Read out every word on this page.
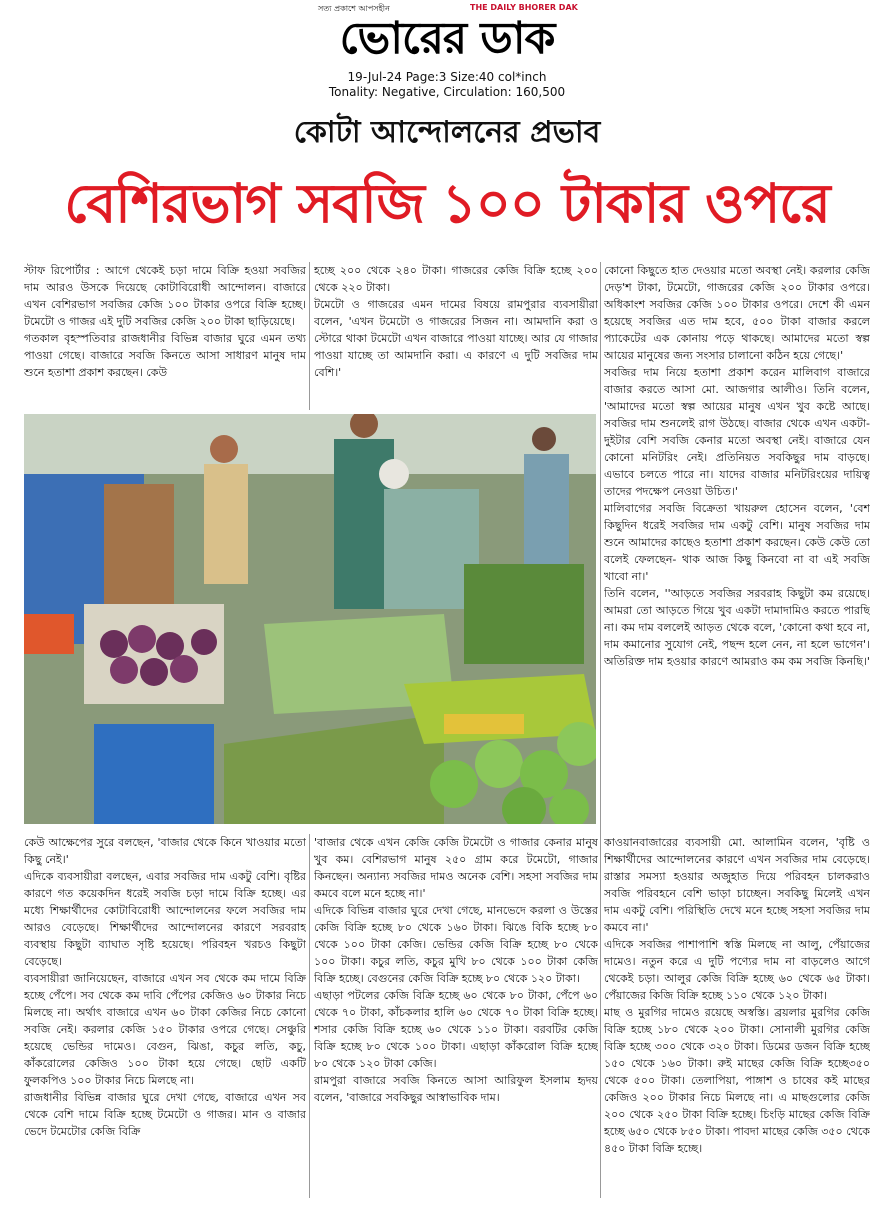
সত্য প্রকাশে আপসহীন	THE DAILY BHORER DAK
ভোরের ডাক
19-Jul-24 Page:3 Size:40 col*inch
Tonality: Negative, Circulation: 160,500
কোটা আন্দোলনের প্রভাব
বেশিরভাগ সবজি ১০০ টাকার ওপরে

স্টাফ রিপোর্টার : আগে থেকেই চড়া দামে বিক্রি হওয়া সবজির দাম আরও উসকে দিয়েছে কোটাবিরোধী আন্দোলন। বাজারে এখন বেশিরভাগ সবজির কেজি ১০০ টাকার ওপরে বিক্রি হচ্ছে। টমেটো ও গাজর এই দুটি সবজির কেজি ২০০ টাকা ছাড়িয়েছে।

গতকাল বৃহস্পতিবার রাজধানীর বিভিন্ন বাজার ঘুরে এমন তথ্য পাওয়া গেছে। বাজারে সবজি কিনতে আসা সাধারণ মানুষ দাম শুনে হতাশা প্রকাশ করছেন। কেউ

হচ্ছে ২০০ থেকে ২৪০ টাকা। গাজরের কেজি বিক্রি হচ্ছে ২০০ থেকে ২২০ টাকা।

টমেটো ও গাজরের এমন দামের বিষয়ে রামপুরার ব্যবসায়ীরা বলেন, 'এখন টমেটো ও গাজরের সিজন না। আমদানি করা ও স্টোরে থাকা টমেটো এখন বাজারে পাওয়া যাচ্ছে। আর যে গাজার পাওয়া যাচ্ছে তা আমদানি করা। এ কারণে এ দুটি সবজির দাম বেশি।'

কোনো কিছুতে হাত দেওয়ার মতো অবস্থা নেই। করলার কেজি দেড়'শ টাকা, টমেটো, গাজরের কেজি ২০০ টাকার ওপরে। অধিকাংশ সবজির কেজি ১০০ টাকার ওপরে। দেশে কী এমন হয়েছে সবজির এত দাম হবে, ৫০০ টাকা বাজার করলে প্যাকেটের এক কোনায় পড়ে থাকছে। আমাদের মতো স্বল্প আয়ের মানুষের জন্য সংসার চালানো কঠিন হয়ে গেছে।'

সবজির দাম নিয়ে হতাশা প্রকাশ করেন মালিবাগ বাজারে বাজার করতে আসা মো. আজগার আলীও। তিনি বলেন, 'আমাদের মতো স্বল্প আয়ের মানুষ এখন খুব কষ্টে আছে। সবজির দাম শুনলেই রাগ উঠছে। বাজার থেকে এখন একটা-দুইটার বেশি সবজি কেনার মতো অবস্থা নেই। বাজারে যেন কোনো মনিটরিং নেই। প্রতিনিয়ত সবকিছুর দাম বাড়ছে। এভাবে চলতে পারে না। যাদের বাজার মনিটরিংয়ের দায়িত্ব তাদের পদক্ষেপ নেওয়া উচিত।'

মালিবাগের সবজি বিক্রেতা খায়রুল হোসেন বলেন, 'বেশ কিছুদিন ধরেই সবজির দাম একটু বেশি। মানুষ সবজির দাম শুনে আমাদের কাছেও হতাশা প্রকাশ করছেন। কেউ কেউ তো বলেই ফেলছেন- থাক আজ কিছু কিনবো না বা এই সবজি খাবো না।'

তিনি বলেন, ''আড়তে সবজির সরবরাহ কিছুটা কম রয়েছে। আমরা তো আড়তে গিয়ে খুব একটা দামাদামিও করতে পারছি না। কম দাম বললেই আড়ত থেকে বলে, 'কোনো কথা হবে না, দাম কমানোর সুযোগ নেই, পছন্দ হলে নেন, না হলে ভাগেন'। অতিরিক্ত দাম হওয়ার কারণে আমরাও কম কম সবজি কিনছি।'

কেউ আক্ষেপের সুরে বলছেন, 'বাজার থেকে কিনে খাওয়ার মতো কিছু নেই।'

এদিকে ব্যবসায়ীরা বলছেন, এবার সবজির দাম একটু বেশি। বৃষ্টির কারণে গত কয়েকদিন ধরেই সবজি চড়া দামে বিক্রি হচ্ছে। এর মধ্যে শিক্ষার্থীদের কোটাবিরোধী আন্দোলনের ফলে সবজির দাম আরও বেড়েছে। শিক্ষার্থীদের আন্দোলনের কারণে সরবরাহ ব্যবস্থায় কিছুটা ব্যাঘাত সৃষ্টি হয়েছে। পরিবহন খরচও কিছুটা বেড়েছে।

ব্যবসায়ীরা জানিয়েছেন, বাজারে এখন সব থেকে কম দামে বিক্রি হচ্ছে পেঁপে। সব থেকে কম দাবি পেঁপের কেজিও ৬০ টাকার নিচে মিলছে না। অর্থাৎ বাজারে এখন ৬০ টাকা কেজির নিচে কোনো সবজি নেই। করলার কেজি ১৫০ টাকার ওপরে গেছে। সেঞ্চুরি হয়েছে ভেন্ডির দামেও। বেগুন, ঝিঙা, কচুর লতি, কচু, কাঁকরোলের কেজিও ১০০ টাকা হয়ে গেছে। ছোট একটি ফুলকপিও ১০০ টাকার নিচে মিলছে না।

রাজধানীর বিভিন্ন বাজার ঘুরে দেখা গেছে, বাজারে এখন সব থেকে বেশি দামে বিক্রি হচ্ছে টমেটো ও গাজর। মান ও বাজার ভেদে টমেটোর কেজি বিক্রি

'বাজার থেকে এখন কেজি কেজি টমেটো ও গাজার কেনার মানুষ খুব কম। বেশিরভাগ মানুষ ২৫০ গ্রাম করে টমেটো, গাজার কিনছেন। অন্যান্য সবজির দামও অনেক বেশি। সহসা সবজির দাম কমবে বলে মনে হচ্ছে না।'

এদিকে বিভিন্ন বাজার ঘুরে দেখা গেছে, মানভেদে করলা ও উস্তের কেজি বিক্রি হচ্ছে ৮০ থেকে ১৬০ টাকা। ঝিঙে বিকি হচ্ছে ৮০ থেকে ১০০ টাকা কেজি। ভেন্ডির কেজি বিক্রি হচ্ছে ৮০ থেকে ১০০ টাকা। কচুর লতি, কচুর মুখি ৮০ থেকে ১০০ টাকা কেজি বিক্রি হচ্ছে। বেগুনের কেজি বিক্রি হচ্ছে ৮০ থেকে ১২০ টাকা।

এছাড়া পটলের কেজি বিক্রি হচ্ছে ৬০ থেকে ৮০ টাকা, পেঁপে ৬০ থেকে ৭০ টাকা, কাঁচকলার হালি ৬০ থেকে ৭০ টাকা বিক্রি হচ্ছে। শসার কেজি বিক্রি হচ্ছে ৬০ থেকে ১১০ টাকা। বরবটির কেজি বিক্রি হচ্ছে ৮০ থেকে ১০০ টাকা। এছাড়া কাঁকরোল বিক্রি হচ্ছে ৮০ থেকে ১২০ টাকা কেজি।

রামপুরা বাজারে সবজি কিনতে আসা আরিফুল ইসলাম হৃদয় বলেন, 'বাজারে সবকিছুর আস্বাভাবিক দাম।

কাওয়ানবাজারের ব্যবসায়ী মো. আলামিন বলেন, 'বৃষ্টি ও শিক্ষার্থীদের আন্দোলনের কারণে এখন সবজির দাম বেড়েছে। রাস্তার সমস্যা হওয়ার অজুহাত দিয়ে পরিবহন চালকরাও সবজি পরিবহনে বেশি ভাড়া চাচ্ছেন। সবকিছু মিলেই এখন দাম একটু বেশি। পরিস্থিতি দেখে মনে হচ্ছে সহসা সবজির দাম কমবে না।'

এদিকে সবজির পাশাপাশি স্বস্তি মিলছে না আলু, পেঁয়াজের দামেও। নতুন করে এ দুটি পণ্যের দাম না বাড়লেও আগে থেকেই চড়া। আলুর কেজি বিক্রি হচ্ছে ৬০ থেকে ৬৫ টাকা। পেঁয়াজের কিজি বিক্রি হচ্ছে ১১০ থেকে ১২০ টাকা।

মাছ ও মুরগির দামেও রয়েছে অস্বস্তি। ব্রয়লার মুরগির কেজি বিক্রি হচ্ছে ১৮০ থেকে ২০০ টাকা। সোনালী মুরগির কেজি বিক্রি হচ্ছে ৩০০ থেকে ৩২০ টাকা। ডিমের ডজন বিক্রি হচ্ছে ১৫০ থেকে ১৬০ টাকা। রুই মাছের কেজি বিক্রি হচ্ছে৩৫০ থেকে ৫০০ টাকা। তেলাপিয়া, পাঙ্গাশ ও চাষের কই মাছের কেজিও ২০০ টাকার নিচে মিলছে না। এ মাছগুলোর কেজি ২০০ থেকে ২৫০ টাকা বিক্রি হচ্ছে। চিংড়ি মাছের কেজি বিক্রি হচ্ছে ৬৫০ থেকে ৮৫০ টাকা। পাবদা মাছের কেজি ৩৫০ থেকে ৪৫০ টাকা বিক্রি হচ্ছে।
